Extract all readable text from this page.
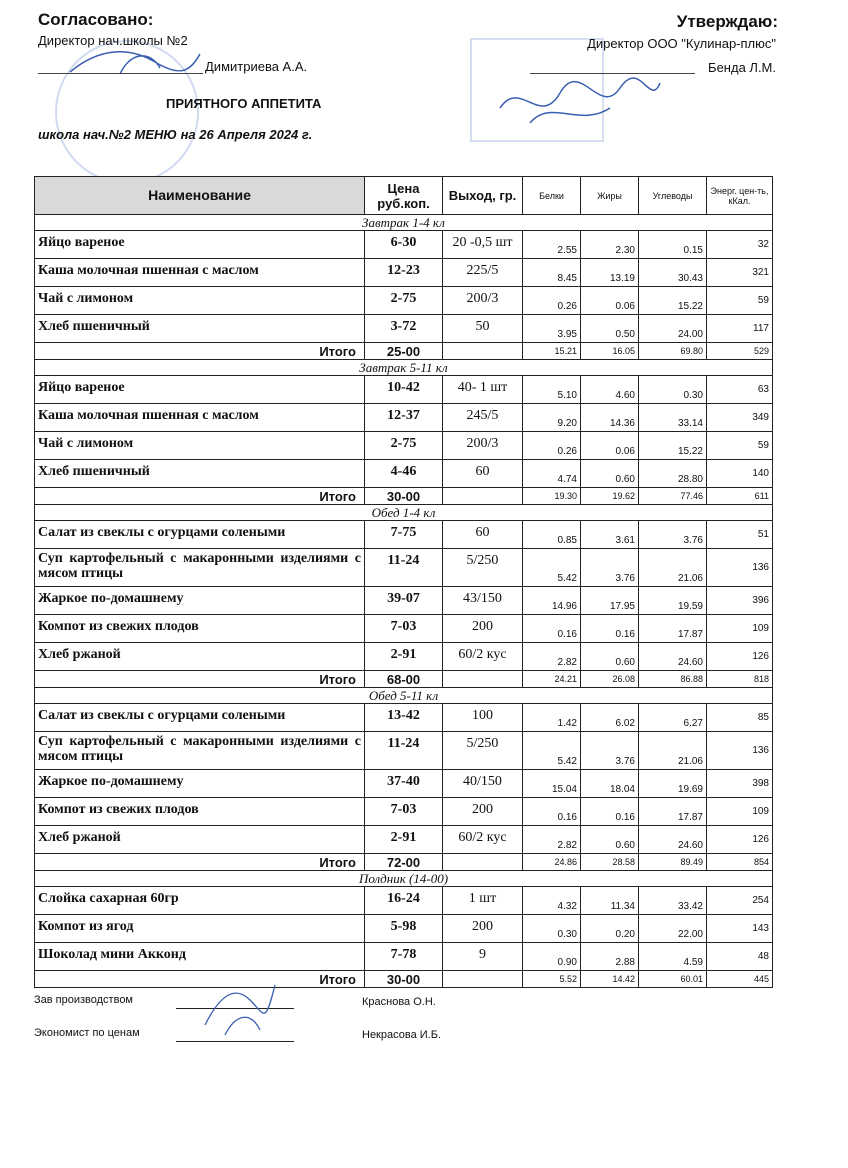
Согласовано:
Директор нач.школы №2
Димитриева А.А.
Утверждаю:
Директор ООО "Кулинар-плюс"
Бенда Л.М.
ПРИЯТНОГО АППЕТИТА
школа нач.№2 МЕНЮ на 26 Апреля 2024 г.
Наименование	Цена руб.коп.	Выход, гр.	Белки	Жиры	Углеводы	Энерг. цен-ть, кКал.
Завтрак 1-4 кл						
Яйцо вареное	6-30	20 -0,5 шт	2.55	2.30	0.15	32
Каша молочная пшенная с маслом	12-23	225/5	8.45	13.19	30.43	321
Чай с лимоном	2-75	200/3	0.26	0.06	15.22	59
Хлеб пшеничный	3-72	50	3.95	0.50	24.00	117
Итого	25-00		15.21	16.05	69.80	529
Завтрак 5-11 кл						
Яйцо вареное	10-42	40- 1 шт	5.10	4.60	0.30	63
Каша молочная пшенная с маслом	12-37	245/5	9.20	14.36	33.14	349
Чай с лимоном	2-75	200/3	0.26	0.06	15.22	59
Хлеб пшеничный	4-46	60	4.74	0.60	28.80	140
Итого	30-00		19.30	19.62	77.46	611
Обед 1-4 кл						
Салат из свеклы с огурцами солеными	7-75	60	0.85	3.61	3.76	51
Суп картофельный с макаронными изделиями с мясом птицы	11-24	5/250	5.42	3.76	21.06	136
Жаркое по-домашнему	39-07	43/150	14.96	17.95	19.59	396
Компот из свежих плодов	7-03	200	0.16	0.16	17.87	109
Хлеб ржаной	2-91	60/2 кус	2.82	0.60	24.60	126
Итого	68-00		24.21	26.08	86.88	818
Обед 5-11 кл						
Салат из свеклы с огурцами солеными	13-42	100	1.42	6.02	6.27	85
Суп картофельный с макаронными изделиями с мясом птицы	11-24	5/250	5.42	3.76	21.06	136
Жаркое по-домашнему	37-40	40/150	15.04	18.04	19.69	398
Компот из свежих плодов	7-03	200	0.16	0.16	17.87	109
Хлеб ржаной	2-91	60/2 кус	2.82	0.60	24.60	126
Итого	72-00		24.86	28.58	89.49	854
Полдник (14-00)						
Слойка сахарная 60гр	16-24	1 шт	4.32	11.34	33.42	254
Компот из ягод	5-98	200	0.30	0.20	22.00	143
Шоколад мини Акконд	7-78	9	0.90	2.88	4.59	48
Итого	30-00		5.52	14.42	60.01	445
Зав производством	Краснова О.Н.
Экономист по ценам	Некрасова И.Б.
